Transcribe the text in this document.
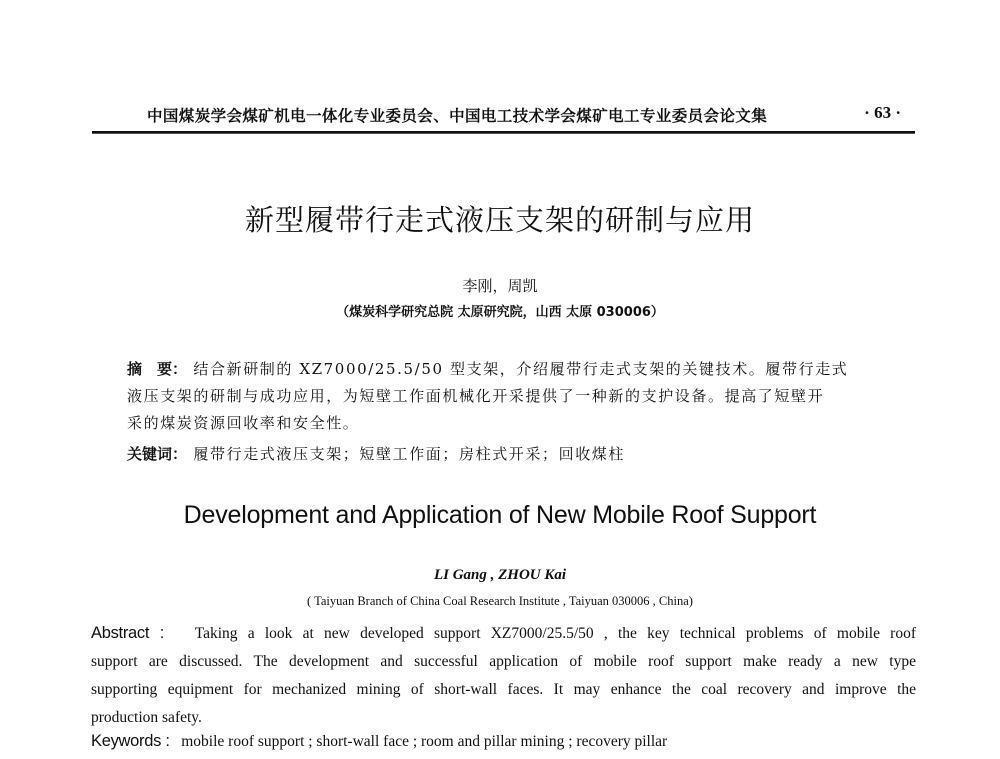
中国煤炭学会煤矿机电一体化专业委员会、中国电工技术学会煤矿电工专业委员会论文集	· 63 ·
新型履带行走式液压支架的研制与应用
李刚，周凯
（煤炭科学研究总院 太原研究院，山西 太原 030006）
摘　要： 结合新研制的 XZ7000/25.5/50 型支架，介绍履带行走式支架的关键技术。履带行走式
液压支架的研制与成功应用，为短壁工作面机械化开采提供了一种新的支护设备。提高了短壁开
采的煤炭资源回收率和安全性。
关键词： 履带行走式液压支架；短壁工作面；房柱式开采；回收煤柱
Development and Application of New Mobile Roof Support
LI Gang , ZHOU Kai
( Taiyuan Branch of China Coal Research Institute , Taiyuan 030006 , China)
Abstract : Taking a look at new developed support XZ7000/25.5/50 , the key technical problems of mobile roof
support are discussed. The development and successful application of mobile roof support make ready a new type
supporting equipment for mechanized mining of short-wall faces. It may enhance the coal recovery and improve the
production safety.
Keywords : mobile roof support ; short-wall face ; room and pillar mining ; recovery pillar
